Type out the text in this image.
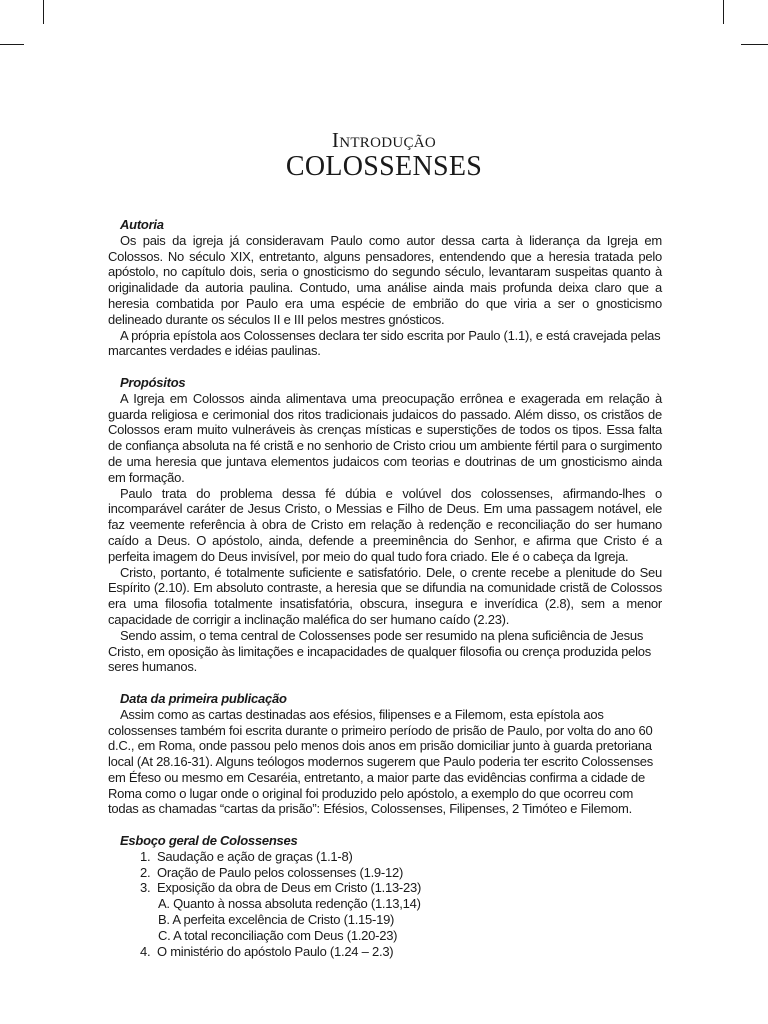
Introdução
COLOSSENSES

Autoria

Os pais da igreja já consideravam Paulo como autor dessa carta à liderança da Igreja em Colossos. No século XIX, entretanto, alguns pensadores, entendendo que a heresia tratada pelo apóstolo, no capítulo dois, seria o gnosticismo do segundo século, levantaram suspeitas quanto à originalidade da autoria paulina. Contudo, uma análise ainda mais profunda deixa claro que a heresia combatida por Paulo era uma espécie de embrião do que viria a ser o gnosticismo delineado durante os séculos II e III pelos mestres gnósticos.

A própria epístola aos Colossenses declara ter sido escrita por Paulo (1.1), e está cravejada pelas marcantes verdades e idéias paulinas.

Propósitos

A Igreja em Colossos ainda alimentava uma preocupação errônea e exagerada em relação à guarda religiosa e cerimonial dos ritos tradicionais judaicos do passado. Além disso, os cristãos de Colossos eram muito vulneráveis às crenças místicas e superstições de todos os tipos. Essa falta de confiança absoluta na fé cristã e no senhorio de Cristo criou um ambiente fértil para o surgimento de uma heresia que juntava elementos judaicos com teorias e doutrinas de um gnosticismo ainda em formação.

Paulo trata do problema dessa fé dúbia e volúvel dos colossenses, afirmando-lhes o incomparável caráter de Jesus Cristo, o Messias e Filho de Deus. Em uma passagem notável, ele faz veemente referência à obra de Cristo em relação à redenção e reconciliação do ser humano caído a Deus. O apóstolo, ainda, defende a preeminência do Senhor, e afirma que Cristo é a perfeita imagem do Deus invisível, por meio do qual tudo fora criado. Ele é o cabeça da Igreja.

Cristo, portanto, é totalmente suficiente e satisfatório. Dele, o crente recebe a plenitude do Seu Espírito (2.10). Em absoluto contraste, a heresia que se difundia na comunidade cristã de Colossos era uma filosofia totalmente insatisfatória, obscura, insegura e inverídica (2.8), sem a menor capacidade de corrigir a inclinação maléfica do ser humano caído (2.23).

Sendo assim, o tema central de Colossenses pode ser resumido na plena suficiência de Jesus Cristo, em oposição às limitações e incapacidades de qualquer filosofia ou crença produzida pelos seres humanos.

Data da primeira publicação

Assim como as cartas destinadas aos efésios, filipenses e a Filemom, esta epístola aos colossenses também foi escrita durante o primeiro período de prisão de Paulo, por volta do ano 60 d.C., em Roma, onde passou pelo menos dois anos em prisão domiciliar junto à guarda pretoriana local (At 28.16-31). Alguns teólogos modernos sugerem que Paulo poderia ter escrito Colossenses em Éfeso ou mesmo em Cesaréia, entretanto, a maior parte das evidências confirma a cidade de Roma como o lugar onde o original foi produzido pelo apóstolo, a exemplo do que ocorreu com todas as chamadas “cartas da prisão”: Efésios, Colossenses, Filipenses, 2 Timóteo e Filemom.

Esboço geral de Colossenses

1. Saudação e ação de graças (1.1-8)
2. Oração de Paulo pelos colossenses (1.9-12)
3. Exposição da obra de Deus em Cristo (1.13-23)
A. Quanto à nossa absoluta redenção (1.13,14)
B. A perfeita excelência de Cristo (1.15-19)
C. A total reconciliação com Deus (1.20-23)
4. O ministério do apóstolo Paulo (1.24 – 2.3)
